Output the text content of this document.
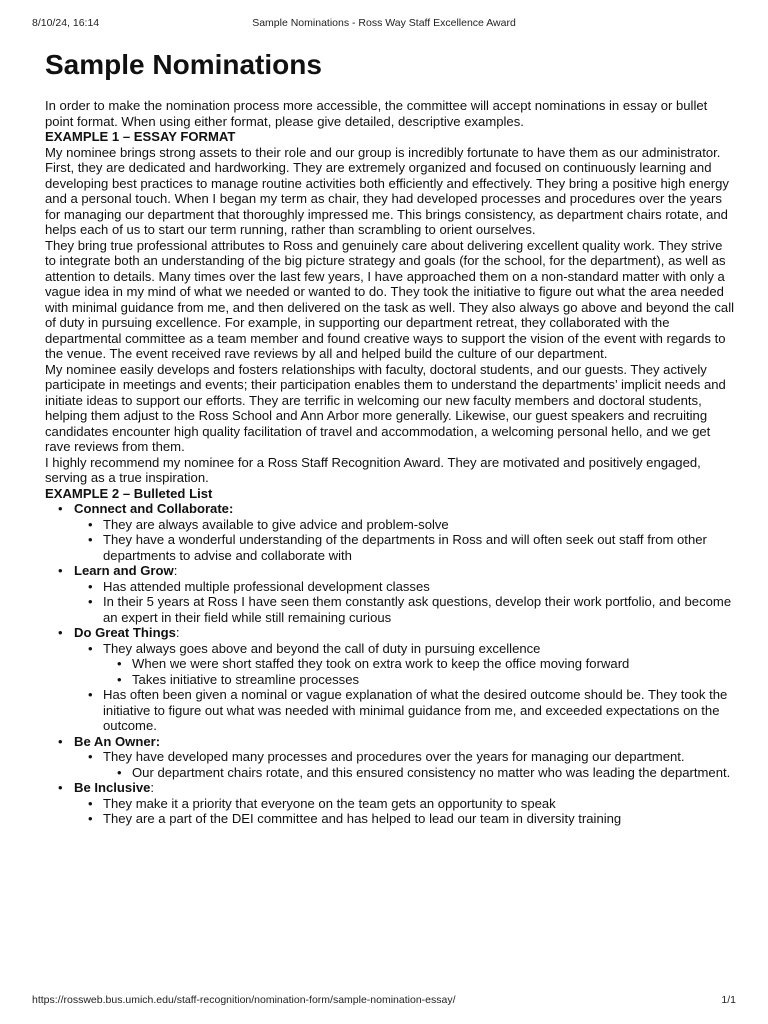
8/10/24, 16:14	Sample Nominations - Ross Way Staff Excellence Award
Sample Nominations

In order to make the nomination process more accessible, the committee will accept nominations in essay or bullet point format. When using either format, please give detailed, descriptive examples.

EXAMPLE 1 – ESSAY FORMAT

My nominee brings strong assets to their role and our group is incredibly fortunate to have them as our administrator.

First, they are dedicated and hardworking. They are extremely organized and focused on continuously learning and developing best practices to manage routine activities both efficiently and effectively. They bring a positive high energy and a personal touch. When I began my term as chair, they had developed processes and procedures over the years for managing our department that thoroughly impressed me. This brings consistency, as department chairs rotate, and helps each of us to start our term running, rather than scrambling to orient ourselves.

They bring true professional attributes to Ross and genuinely care about delivering excellent quality work. They strive to integrate both an understanding of the big picture strategy and goals (for the school, for the department), as well as attention to details. Many times over the last few years, I have approached them on a non-standard matter with only a vague idea in my mind of what we needed or wanted to do. They took the initiative to figure out what the area needed with minimal guidance from me, and then delivered on the task as well. They also always go above and beyond the call of duty in pursuing excellence. For example, in supporting our department retreat, they collaborated with the departmental committee as a team member and found creative ways to support the vision of the event with regards to the venue. The event received rave reviews by all and helped build the culture of our department.

My nominee easily develops and fosters relationships with faculty, doctoral students, and our guests. They actively participate in meetings and events; their participation enables them to understand the departments’ implicit needs and initiate ideas to support our efforts. They are terrific in welcoming our new faculty members and doctoral students, helping them adjust to the Ross School and Ann Arbor more generally. Likewise, our guest speakers and recruiting candidates encounter high quality facilitation of travel and accommodation, a welcoming personal hello, and we get rave reviews from them.

I highly recommend my nominee for a Ross Staff Recognition Award. They are motivated and positively engaged, serving as a true inspiration.

EXAMPLE 2 – Bulleted List
• Connect and Collaborate:
• They are always available to give advice and problem-solve
• They have a wonderful understanding of the departments in Ross and will often seek out staff from other departments to advise and collaborate with
• Learn and Grow:
• Has attended multiple professional development classes
• In their 5 years at Ross I have seen them constantly ask questions, develop their work portfolio, and become an expert in their field while still remaining curious
• Do Great Things:
• They always goes above and beyond the call of duty in pursuing excellence
• When we were short staffed they took on extra work to keep the office moving forward
• Takes initiative to streamline processes
• Has often been given a nominal or vague explanation of what the desired outcome should be. They took the initiative to figure out what was needed with minimal guidance from me, and exceeded expectations on the outcome.
• Be An Owner:
• They have developed many processes and procedures over the years for managing our department.
• Our department chairs rotate, and this ensured consistency no matter who was leading the department.
• Be Inclusive:
• They make it a priority that everyone on the team gets an opportunity to speak
• They are a part of the DEI committee and has helped to lead our team in diversity training
https://rossweb.bus.umich.edu/staff-recognition/nomination-form/sample-nomination-essay/	1/1
